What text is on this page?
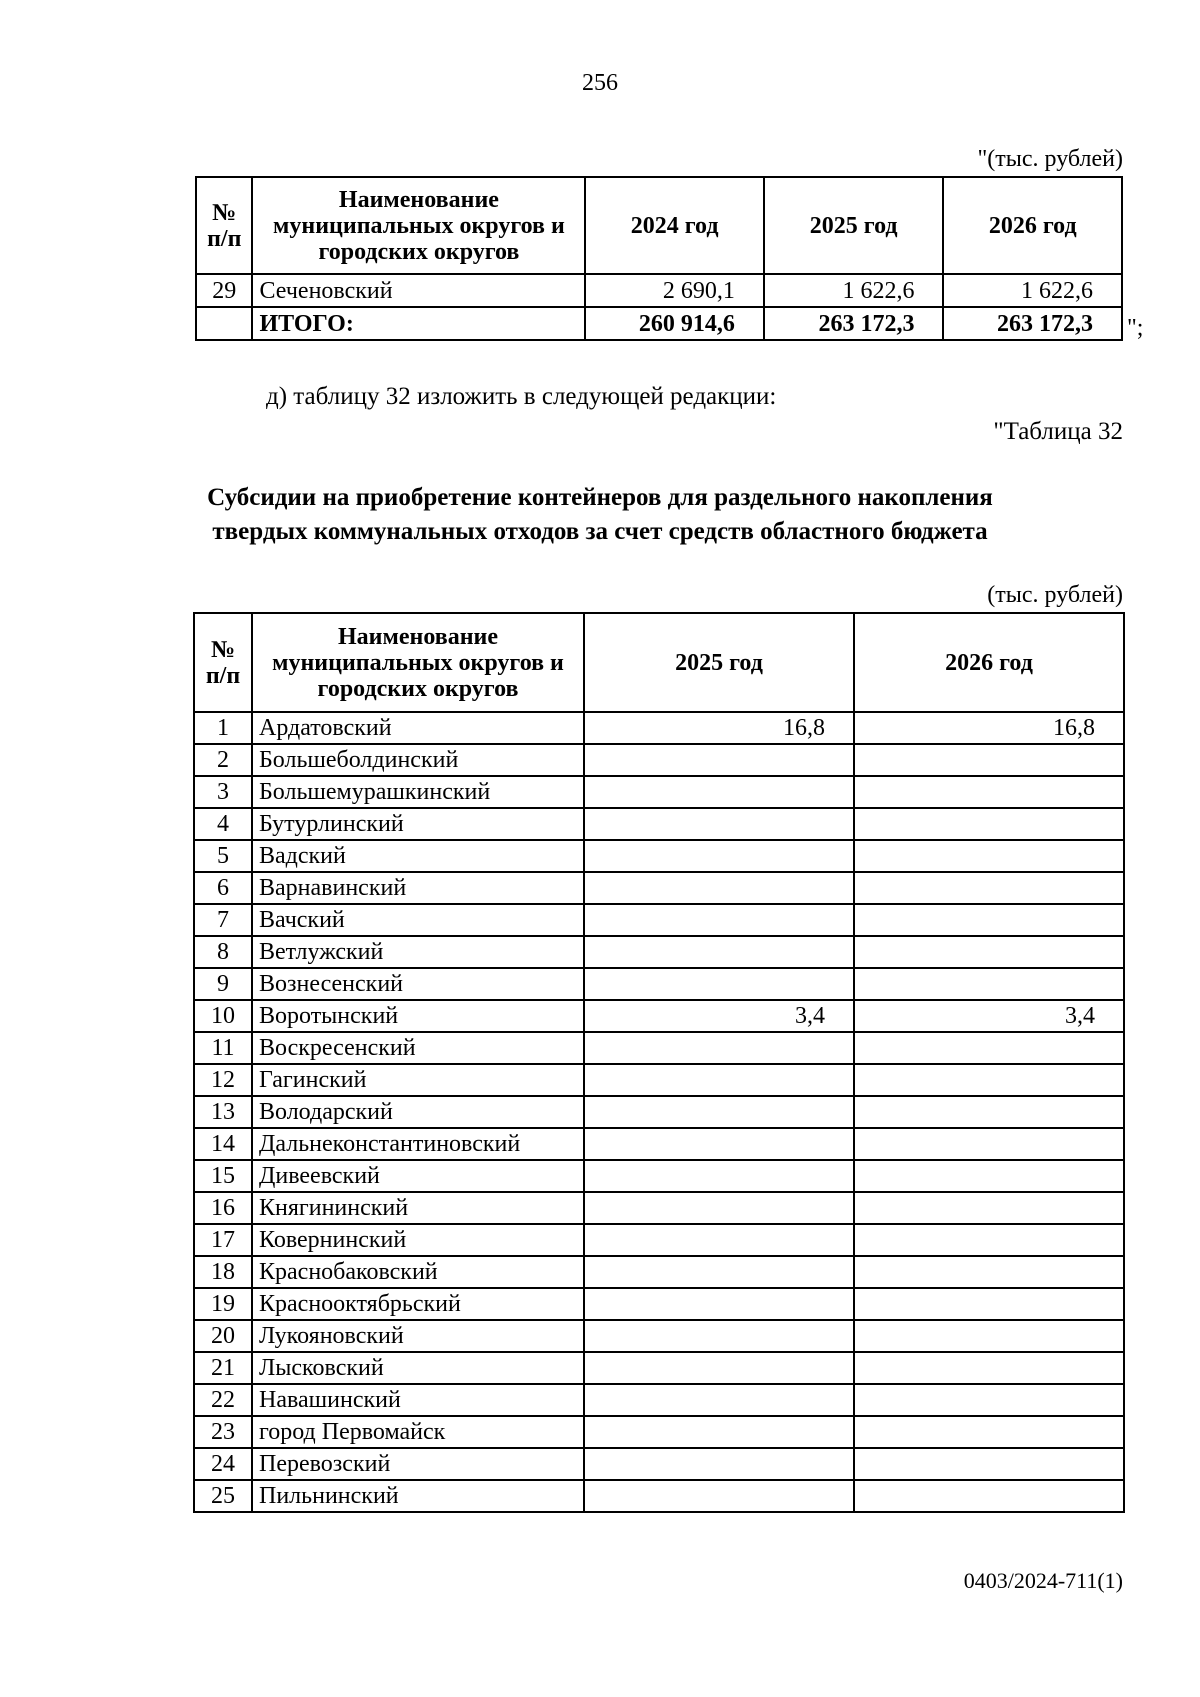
256
"(тыс. рублей)
№ п/п	Наименование муниципальных округов и городских округов	2024 год	2025 год	2026 год
29	Сеченовский	2 690,1	1 622,6	1 622,6
	ИТОГО:	260 914,6	263 172,3	263 172,3 ";
д) таблицу 32 изложить в следующей редакции:
"Таблица 32
Субсидии на приобретение контейнеров для раздельного накопления
твердых коммунальных отходов за счет средств областного бюджета
(тыс. рублей)
№ п/п	Наименование муниципальных округов и городских округов	2025 год	2026 год
1	Ардатовский	16,8	16,8
2	Большеболдинский		
3	Большемурашкинский		
4	Бутурлинский		
5	Вадский		
6	Варнавинский		
7	Вачский		
8	Ветлужский		
9	Вознесенский		
10	Воротынский	3,4	3,4
11	Воскресенский		
12	Гагинский		
13	Володарский		
14	Дальнеконстантиновский		
15	Дивеевский		
16	Княгининский		
17	Ковернинский		
18	Краснобаковский		
19	Краснооктябрьский		
20	Лукояновский		
21	Лысковский		
22	Навашинский		
23	город Первомайск		
24	Перевозский		
25	Пильнинский		
0403/2024-711(1)
